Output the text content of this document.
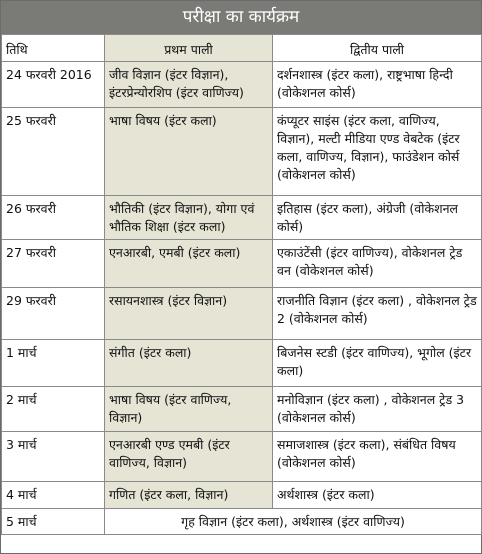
परीक्षा का कार्यक्रम
तिथि	प्रथम पाली	द्वितीय पाली
24 फरवरी 2016	जीव विज्ञान (इंटर विज्ञान), इंटरप्रेन्योरशिप (इंटर वाणिज्य)	दर्शनशास्त्र (इंटर कला), राष्ट्रभाषा हिन्दी (वोकेशनल कोर्स)
25 फरवरी	भाषा विषय (इंटर कला)	कंप्यूटर साइंस (इंटर कला, वाणिज्य, विज्ञान), मल्टी मीडिया एण्ड वेबटेक (इंटर कला, वाणिज्य, विज्ञान), फाउंडेशन कोर्स (वोकेशनल कोर्स)
26 फरवरी	भौतिकी (इंटर विज्ञान), योगा एवं भौतिक शिक्षा (इंटर कला)	इतिहास (इंटर कला), अंग्रेजी (वोकेशनल कोर्स)
27 फरवरी	एनआरबी, एमबी (इंटर कला)	एकाउंटेंसी (इंटर वाणिज्य), वोकेशनल ट्रेड वन (वोकेशनल कोर्स)
29 फरवरी	रसायनशास्त्र (इंटर विज्ञान)	राजनीति विज्ञान (इंटर कला) , वोकेशनल ट्रेड 2 (वोकेशनल कोर्स)
1 मार्च	संगीत (इंटर कला)	बिजनेस स्टडी (इंटर वाणिज्य), भूगोल (इंटर कला)
2 मार्च	भाषा विषय (इंटर वाणिज्य, विज्ञान)	मनोविज्ञान (इंटर कला) , वोकेशनल ट्रेड 3 (वोकेशनल कोर्स)
3 मार्च	एनआरबी एण्ड एमबी (इंटर वाणिज्य, विज्ञान)	समाजशास्त्र (इंटर कला), संबंधित विषय (वोकेशनल कोर्स)
4 मार्च	गणित (इंटर कला, विज्ञान)	अर्थशास्त्र (इंटर कला)
5 मार्च	गृह विज्ञान (इंटर कला), अर्थशास्त्र (इंटर वाणिज्य)	
